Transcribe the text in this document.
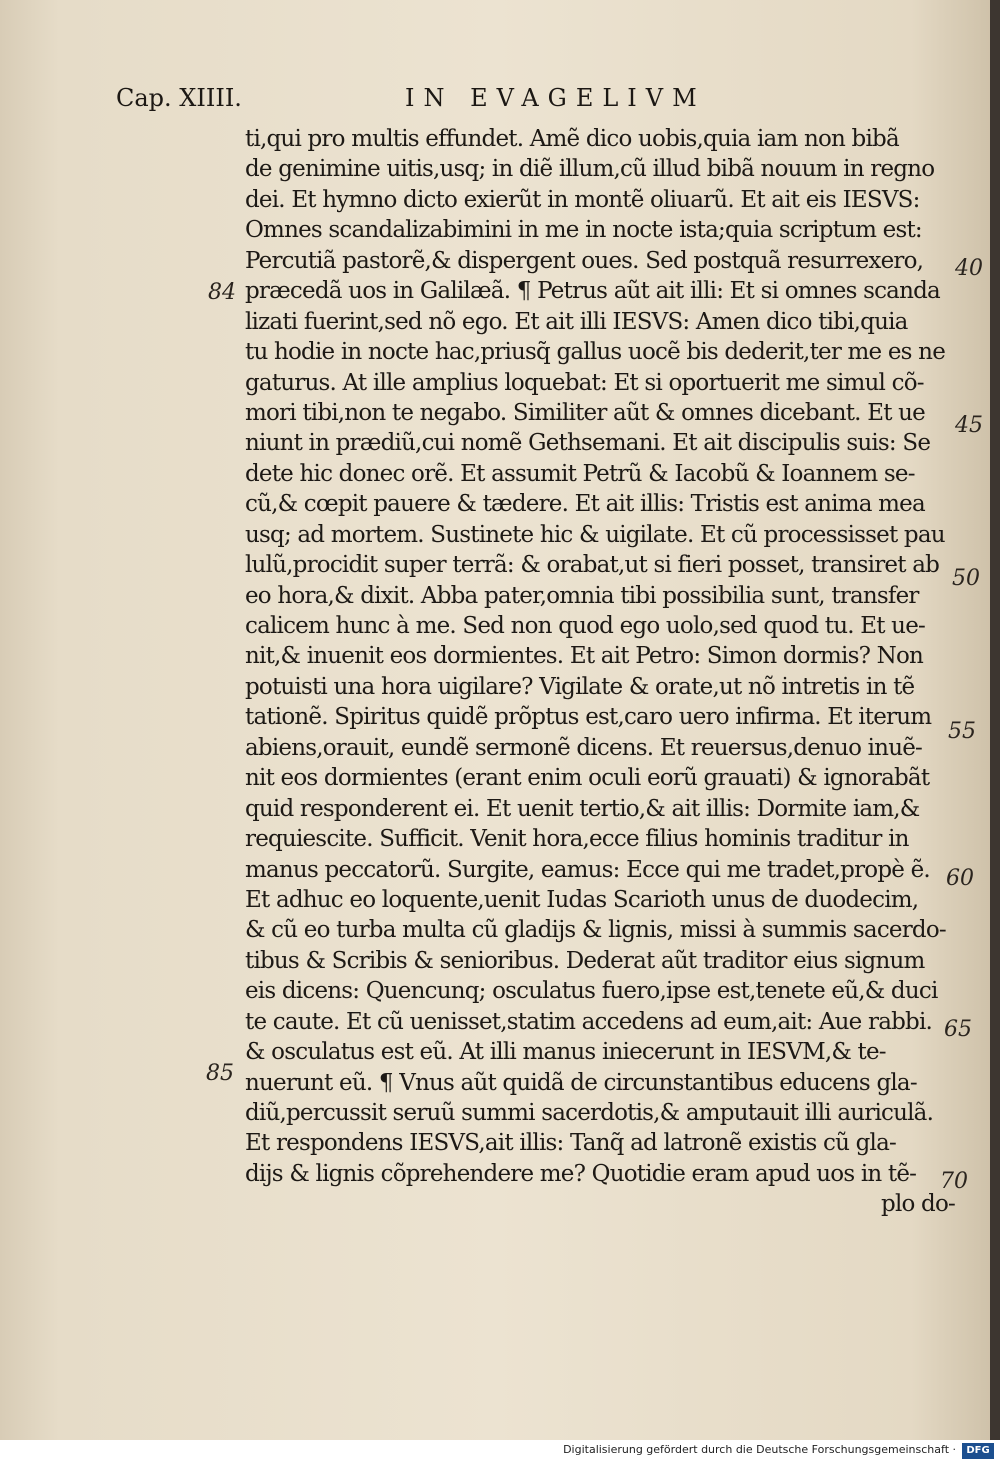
Cap. XIIII.	IN EVAGELIVM
ti,qui pro multis effundet. Amẽ dico uobis,quia iam non bibã
de genimine uitis,usq; in diẽ illum,cũ illud bibã nouum in regno
dei. Et hymno dicto exierũt in montẽ oliuarũ. Et ait eis IESVS:
Omnes scandalizabimini in me in nocte ista;quia scriptum est:
Percutiã pastorẽ,& dispergent oues. Sed postquã resurrexero,
præcedã uos in Galilæã. ¶ Petrus aũt ait illi: Et si omnes scanda
lizati fuerint,sed nõ ego. Et ait illi IESVS: Amen dico tibi,quia
tu hodie in nocte hac,priusq̃ gallus uocẽ bis dederit,ter me es ne
gaturus. At ille amplius loquebat: Et si oportuerit me simul cõ-
mori tibi,non te negabo. Similiter aũt & omnes dicebant. Et ue
niunt in prædiũ,cui nomẽ Gethsemani. Et ait discipulis suis: Se
dete hic donec orẽ. Et assumit Petrũ & Iacobũ & Ioannem se-
cũ,& cœpit pauere & tædere. Et ait illis: Tristis est anima mea
usq; ad mortem. Sustinete hic & uigilate. Et cũ processisset pau
lulũ,procidit super terrã: & orabat,ut si fieri posset, transiret ab
eo hora,& dixit. Abba pater,omnia tibi possibilia sunt, transfer
calicem hunc à me. Sed non quod ego uolo,sed quod tu. Et ue-
nit,& inuenit eos dormientes. Et ait Petro: Simon dormis? Non
potuisti una hora uigilare? Vigilate & orate,ut nõ intretis in tẽ
tationẽ. Spiritus quidẽ prõptus est,caro uero infirma. Et iterum
abiens,orauit, eundẽ sermonẽ dicens. Et reuersus,denuo inuẽ-
nit eos dormientes (erant enim oculi eorũ grauati) & ignorabãt
quid responderent ei. Et uenit tertio,& ait illis: Dormite iam,&
requiescite. Sufficit. Venit hora,ecce filius hominis traditur in
manus peccatorũ. Surgite, eamus: Ecce qui me tradet,propè ẽ.
Et adhuc eo loquente,uenit Iudas Scarioth unus de duodecim,
& cũ eo turba multa cũ gladijs & lignis, missi à summis sacerdo-
tibus & Scribis & senioribus. Dederat aũt traditor eius signum
eis dicens: Quencunq; osculatus fuero,ipse est,tenete eũ,& duci
te caute. Et cũ uenisset,statim accedens ad eum,ait: Aue rabbi.
& osculatus est eũ. At illi manus iniecerunt in IESVM,& te-
nuerunt eũ. ¶ Vnus aũt quidã de circunstantibus educens gla-
diũ,percussit seruũ summi sacerdotis,& amputauit illi auriculã.
Et respondens IESVS,ait illis: Tanq̃ ad latronẽ existis cũ gla-
dijs & lignis cõprehendere me? Quotidie eram apud uos in tẽ-
plo do-
84
85
40
45
50
55
60
65
70
Digitalisierung gefördert durch die Deutsche Forschungsgemeinschaft ·	DFG
